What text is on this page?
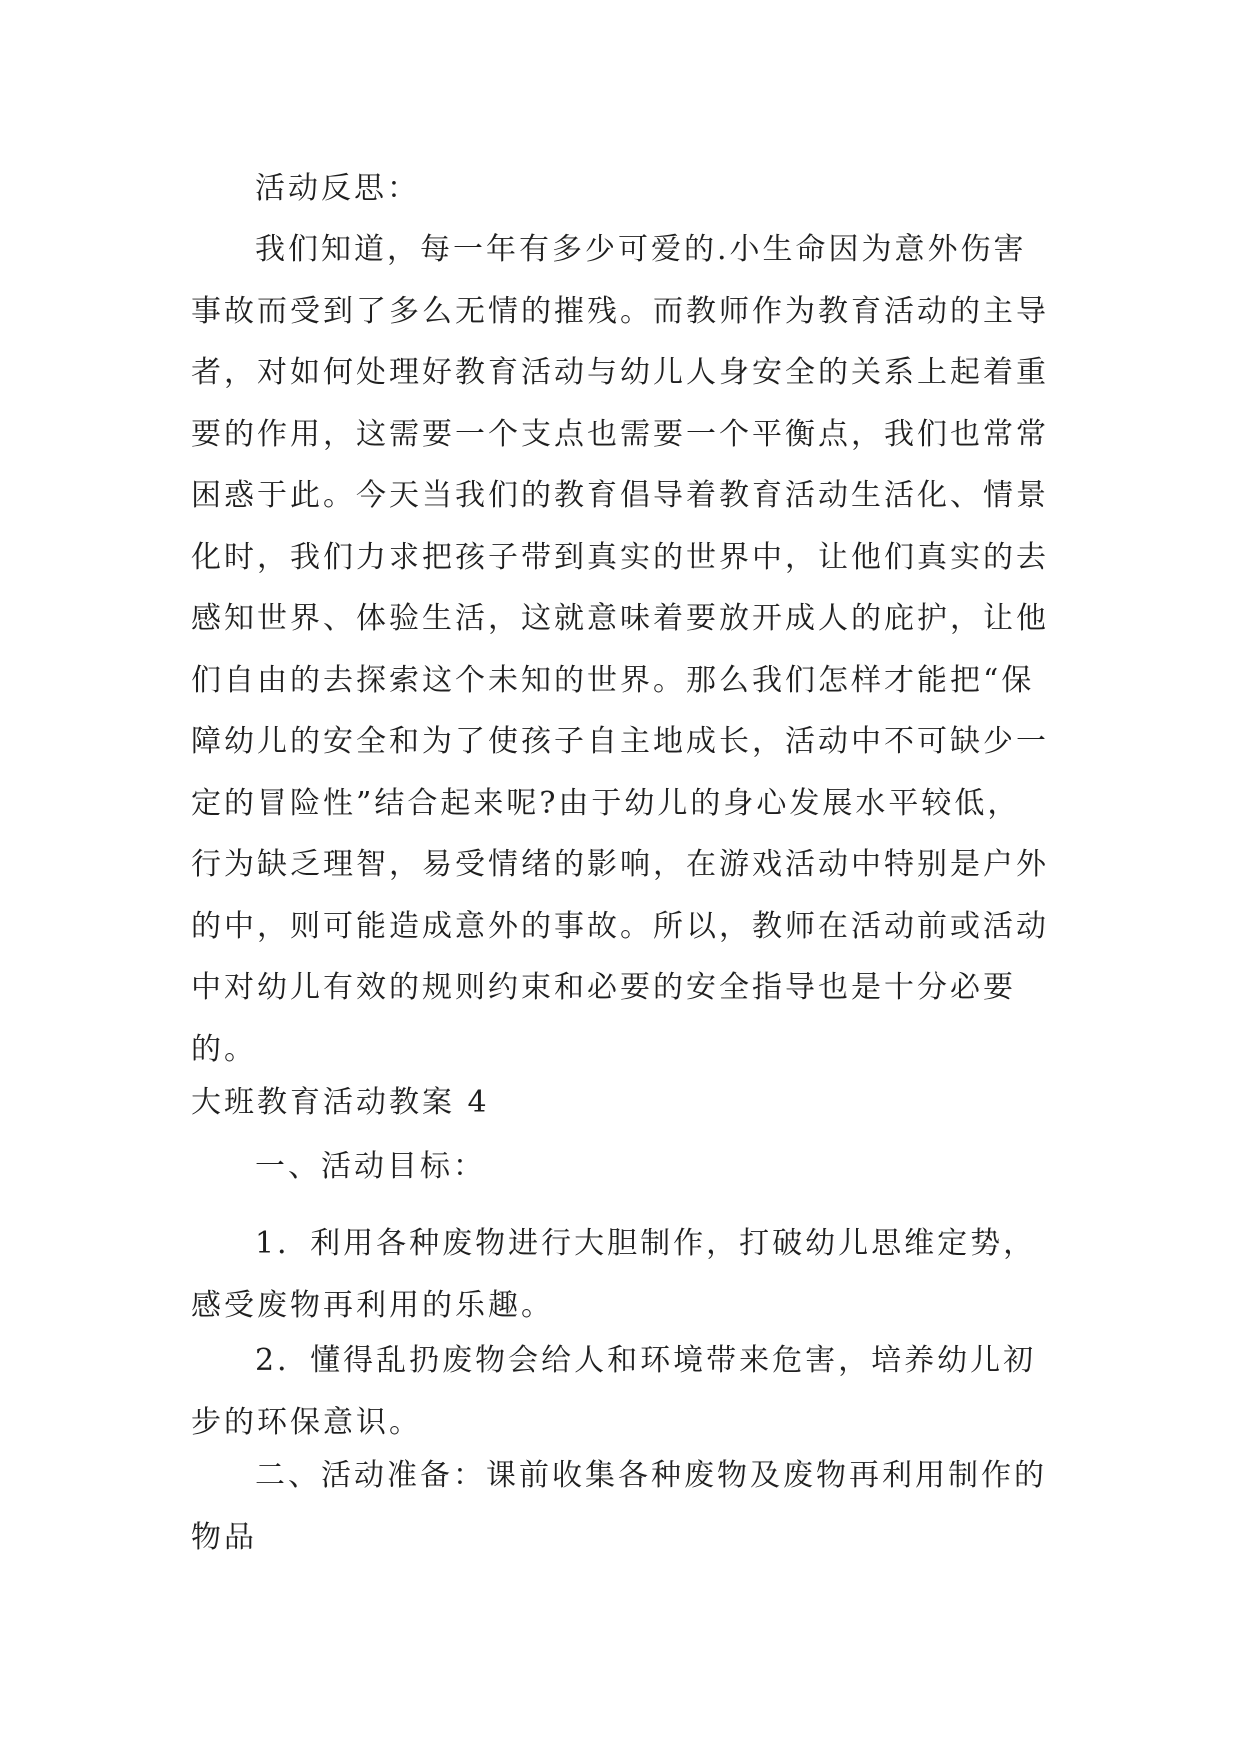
活动反思：
我们知道，每一年有多少可爱的.小生命因为意外伤害
事故而受到了多么无情的摧残。而教师作为教育活动的主导
者，对如何处理好教育活动与幼儿人身安全的关系上起着重
要的作用，这需要一个支点也需要一个平衡点，我们也常常
困惑于此。今天当我们的教育倡导着教育活动生活化、情景
化时，我们力求把孩子带到真实的世界中，让他们真实的去
感知世界、体验生活，这就意味着要放开成人的庇护，让他
们自由的去探索这个未知的世界。那么我们怎样才能把“保
障幼儿的安全和为了使孩子自主地成长，活动中不可缺少一
定的冒险性”结合起来呢?由于幼儿的身心发展水平较低，
行为缺乏理智，易受情绪的影响，在游戏活动中特别是户外
的中，则可能造成意外的事故。所以，教师在活动前或活动
中对幼儿有效的规则约束和必要的安全指导也是十分必要
的。
大班教育活动教案 4
一、活动目标：
1．利用各种废物进行大胆制作，打破幼儿思维定势，
感受废物再利用的乐趣。
2．懂得乱扔废物会给人和环境带来危害，培养幼儿初
步的环保意识。
二、活动准备：课前收集各种废物及废物再利用制作的
物品
